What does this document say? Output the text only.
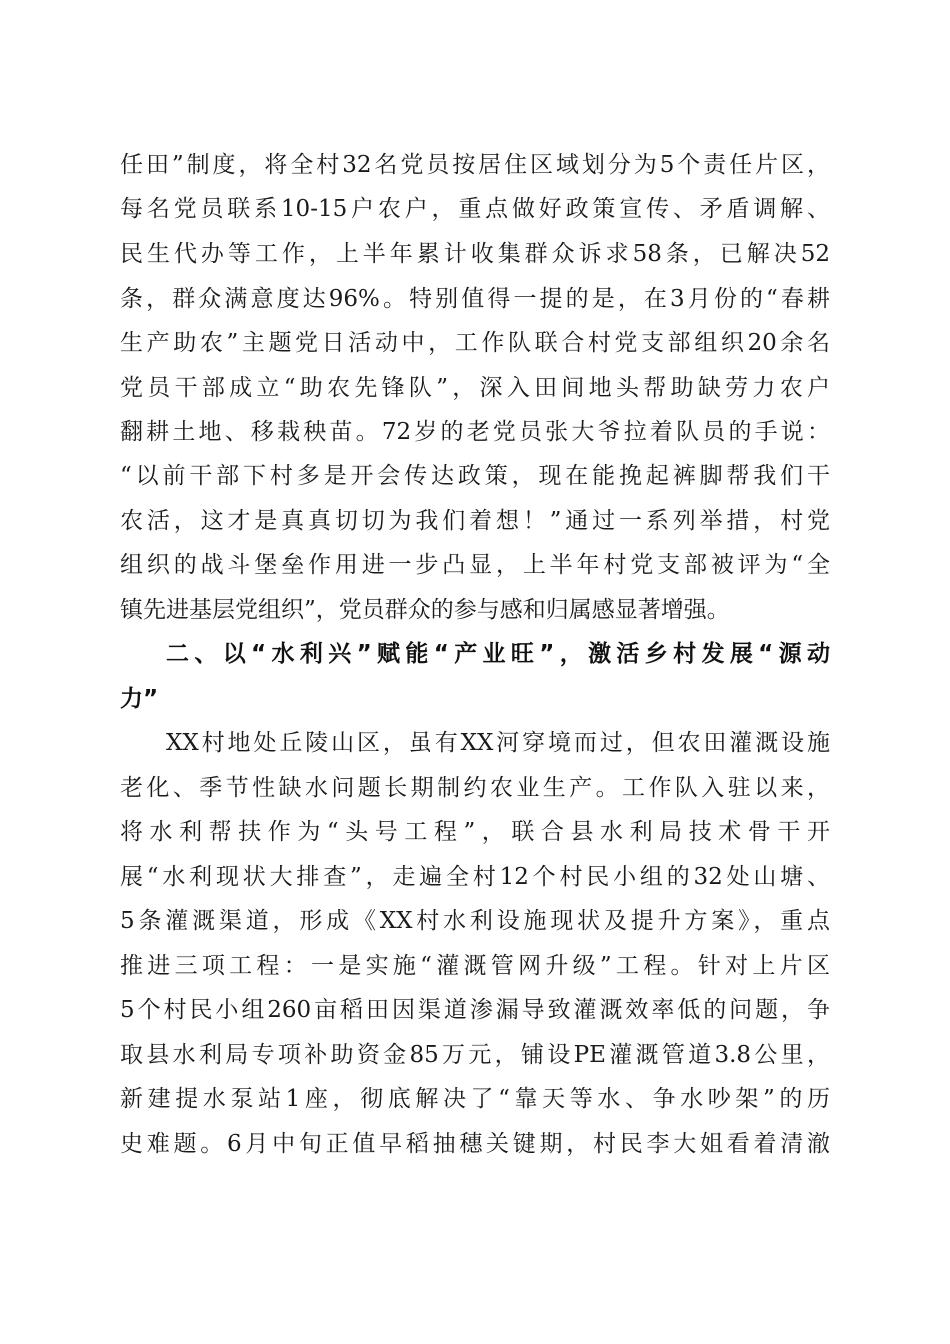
任田”制度，将全村32名党员按居住区域划分为5个责任片区，
每名党员联系10-15户农户，重点做好政策宣传、矛盾调解、
民生代办等工作，上半年累计收集群众诉求58条，已解决52
条，群众满意度达96%。特别值得一提的是，在3月份的“春耕
生产助农”主题党日活动中，工作队联合村党支部组织20余名
党员干部成立“助农先锋队”，深入田间地头帮助缺劳力农户
翻耕土地、移栽秧苗。72岁的老党员张大爷拉着队员的手说：
“以前干部下村多是开会传达政策，现在能挽起裤脚帮我们干
农活，这才是真真切切为我们着想！”通过一系列举措，村党
组织的战斗堡垒作用进一步凸显，上半年村党支部被评为“全
镇先进基层党组织”，党员群众的参与感和归属感显著增强。
二、以“水利兴”赋能“产业旺”，激活乡村发展“源动
力”
XX村地处丘陵山区，虽有XX河穿境而过，但农田灌溉设施
老化、季节性缺水问题长期制约农业生产。工作队入驻以来，
将水利帮扶作为“头号工程”，联合县水利局技术骨干开
展“水利现状大排查”，走遍全村12个村民小组的32处山塘、
5条灌溉渠道，形成《XX村水利设施现状及提升方案》，重点
推进三项工程：一是实施“灌溉管网升级”工程。针对上片区
5个村民小组260亩稻田因渠道渗漏导致灌溉效率低的问题，争
取县水利局专项补助资金85万元，铺设PE灌溉管道3.8公里，
新建提水泵站1座，彻底解决了“靠天等水、争水吵架”的历
史难题。6月中旬正值早稻抽穗关键期，村民李大姐看着清澈
